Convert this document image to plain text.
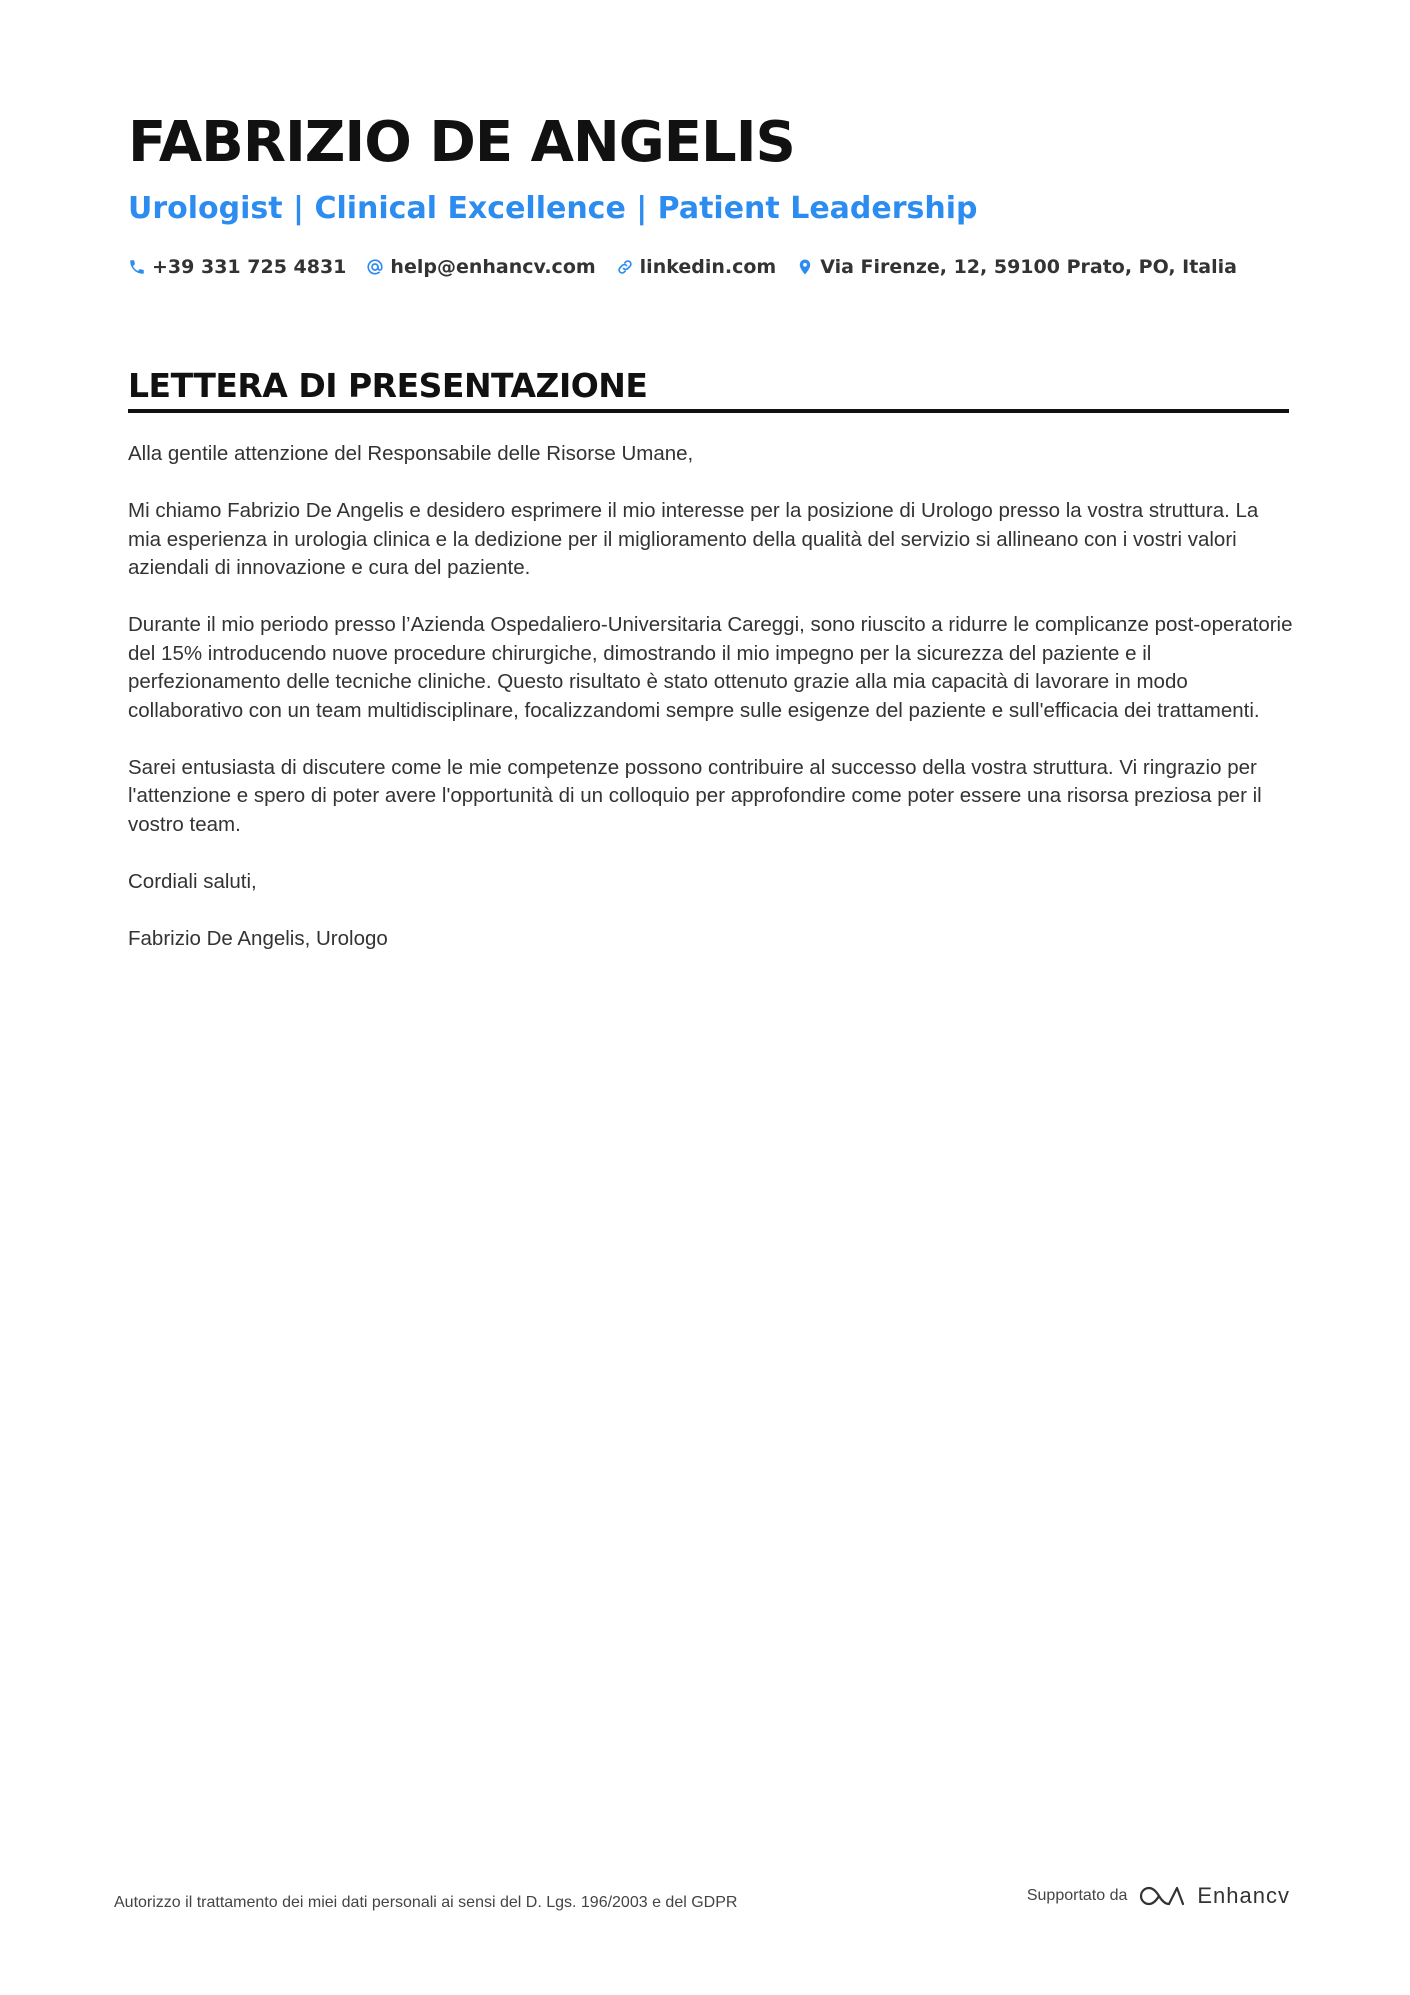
FABRIZIO DE ANGELIS
Urologist | Clinical Excellence | Patient Leadership
+39 331 725 4831 help@enhancv.com linkedin.com Via Firenze, 12, 59100 Prato, PO, Italia
LETTERA DI PRESENTAZIONE

Alla gentile attenzione del Responsabile delle Risorse Umane,

Mi chiamo Fabrizio De Angelis e desidero esprimere il mio interesse per la posizione di Urologo presso la vostra struttura. La mia esperienza in urologia clinica e la dedizione per il miglioramento della qualità del servizio si allineano con i vostri valori aziendali di innovazione e cura del paziente.

Durante il mio periodo presso l’Azienda Ospedaliero-Universitaria Careggi, sono riuscito a ridurre le complicanze post-operatorie del 15% introducendo nuove procedure chirurgiche, dimostrando il mio impegno per la sicurezza del paziente e il perfezionamento delle tecniche cliniche. Questo risultato è stato ottenuto grazie alla mia capacità di lavorare in modo collaborativo con un team multidisciplinare, focalizzandomi sempre sulle esigenze del paziente e sull'efficacia dei trattamenti.

Sarei entusiasta di discutere come le mie competenze possono contribuire al successo della vostra struttura. Vi ringrazio per l'attenzione e spero di poter avere l'opportunità di un colloquio per approfondire come poter essere una risorsa preziosa per il vostro team.

Cordiali saluti,

Fabrizio De Angelis, Urologo

Autorizzo il trattamento dei miei dati personali ai sensi del D. Lgs. 196/2003 e del GDPR	Supportato da	Enhancv
